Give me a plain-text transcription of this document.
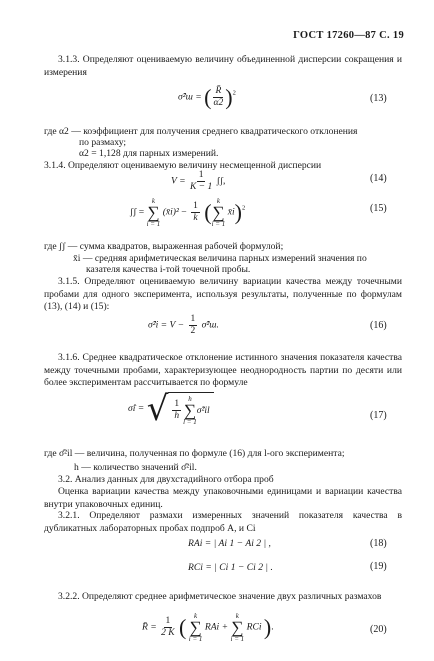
ГОСТ 17260—87 С. 19
3.1.3. Определяют оцениваемую величину объединенной дисперсии сокращения и измерения
σ̂²ш = ( $\frac{R̄}{\alpha 2} )^2$	(13)
где α2 — коэффициент для получения среднего квадратического отклонения
по размаху;
α2 = 1,128 для парных измерений.
3.1.4. Определяют оцениваемую величину несмещенной дисперсии
$V = \frac{1}{K - 1}$ ʃʃ,	(14)
ʃʃ =
k
∑
i = 1
(x̄i)² − $\frac{1}{k}$ ( k
∑
i = 1
x̄i)$^2$	(15)
где ʃʃ — сумма квадратов, выраженная рабочей формулой;
x̄i — средняя арифметическая величина парных измерений значения по
казателя качества i-той точечной пробы.
3.1.5. Определяют оцениваемую величину вариации качества между точечными пробами для одного эксперимента, используя результаты, полученные по формулам (13), (14) и (15):
σ̂²i = $V - \frac{1}{2}$ σ̂²ш.	(16)
3.1.6. Среднее квадратическое отклонение истинного значения показателя качества между точечными пробами, характеризующее неоднородность партии по десяти или более экспериментам рассчитывается по формуле
σ̂i = √ $\frac{1}{h}$ h
∑
l = 1
σ̂²il	(17)
где σ̂²il — величина, полученная по формуле (16) для l-ого эксперимента;
h — количество значений σ̂²il.
3.2. Анализ данных для двухстадийного отбора проб
Оценка вариации качества между упаковочными единицами и вариации качества внутри упаковочных единиц.
3.2.1. Определяют размахи измеренных значений показателя качества в дубликатных лабораторных пробах подпроб A, и Ci
RAi = | Ai 1 − Ai 2 | ,	(18)
RCi = | Ci 1 − Ci 2 | .	(19)
3.2.2. Определяют среднее арифметическое значение двух различных размахов
R̄ = $\frac{1}{2 K}$ ( k
∑
i = 1
RAi +
k
∑
i = 1
RCi ).	(20)
